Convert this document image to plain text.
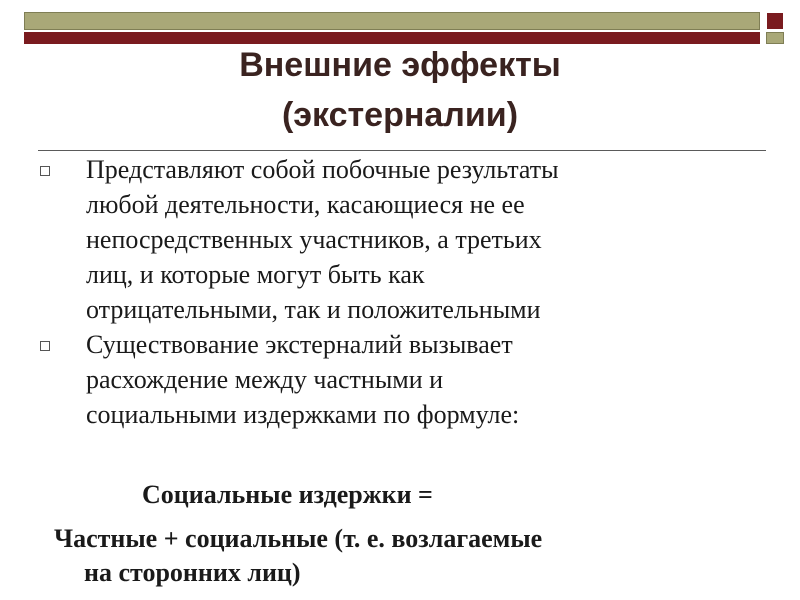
Внешние эффекты
(экстерналии)
Представляют собой побочные результаты
любой деятельности, касающиеся не ее
непосредственных участников, а третьих
лиц, и которые могут быть как
отрицательными, так и положительными
Существование экстерналий вызывает
расхождение между частными и
социальными издержками по формуле:
Социальные издержки =
Частные + социальные (т. е. возлагаемые
на сторонних лиц)
